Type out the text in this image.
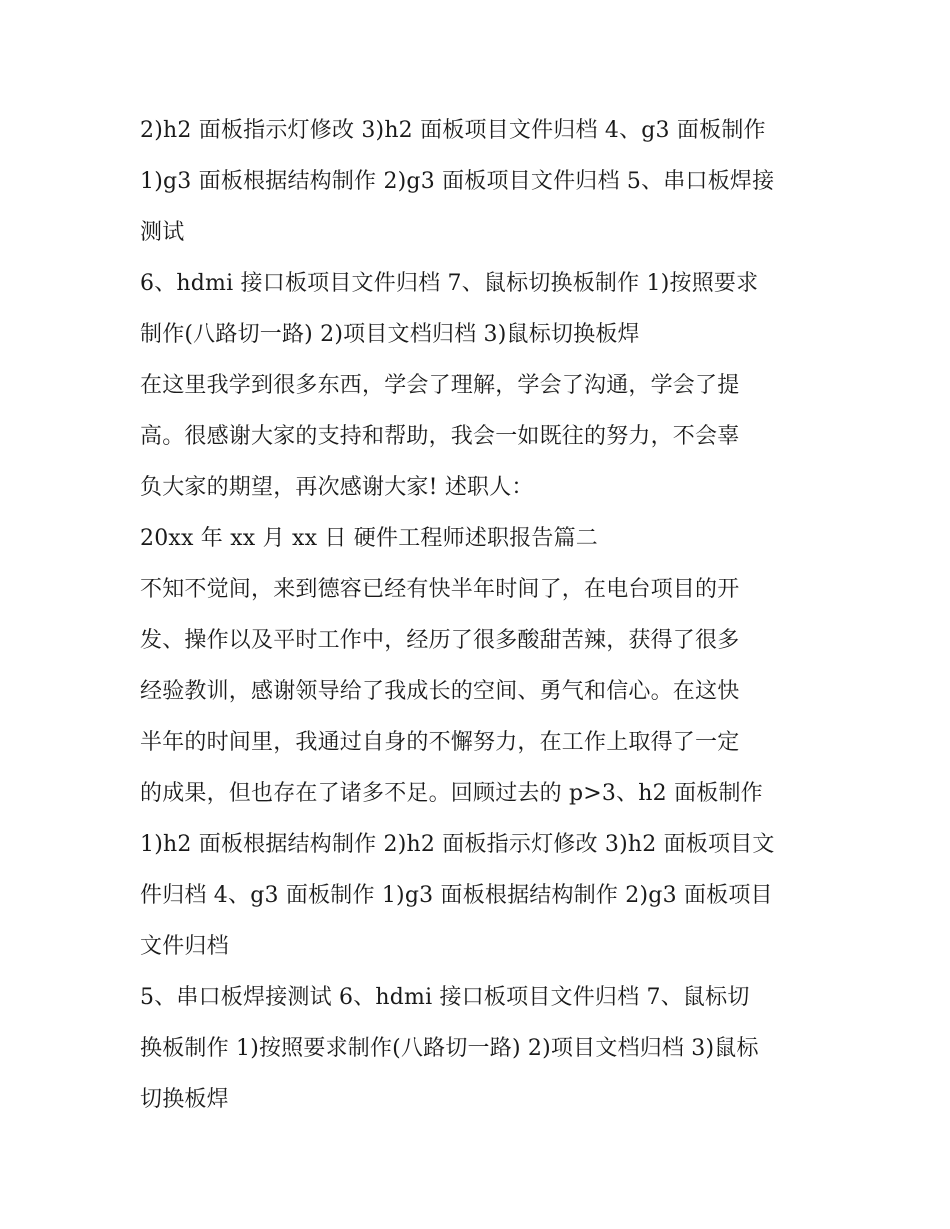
2)h2 面板指示灯修改 3)h2 面板项目文件归档 4、g3 面板制作
1)g3 面板根据结构制作 2)g3 面板项目文件归档 5、串口板焊接
测试
6、hdmi 接口板项目文件归档 7、鼠标切换板制作 1)按照要求
制作(八路切一路) 2)项目文档归档 3)鼠标切换板焊
在这里我学到很多东西，学会了理解，学会了沟通，学会了提
高。很感谢大家的支持和帮助，我会一如既往的努力，不会辜
负大家的期望，再次感谢大家! 述职人：
20xx 年 xx 月 xx 日 硬件工程师述职报告篇二
不知不觉间，来到德容已经有快半年时间了，在电台项目的开
发、操作以及平时工作中，经历了很多酸甜苦辣，获得了很多
经验教训，感谢领导给了我成长的空间、勇气和信心。在这快
半年的时间里，我通过自身的不懈努力，在工作上取得了一定
的成果，但也存在了诸多不足。回顾过去的 p>3、h2 面板制作
1)h2 面板根据结构制作 2)h2 面板指示灯修改 3)h2 面板项目文
件归档 4、g3 面板制作 1)g3 面板根据结构制作 2)g3 面板项目
文件归档
5、串口板焊接测试 6、hdmi 接口板项目文件归档 7、鼠标切
换板制作 1)按照要求制作(八路切一路) 2)项目文档归档 3)鼠标
切换板焊
